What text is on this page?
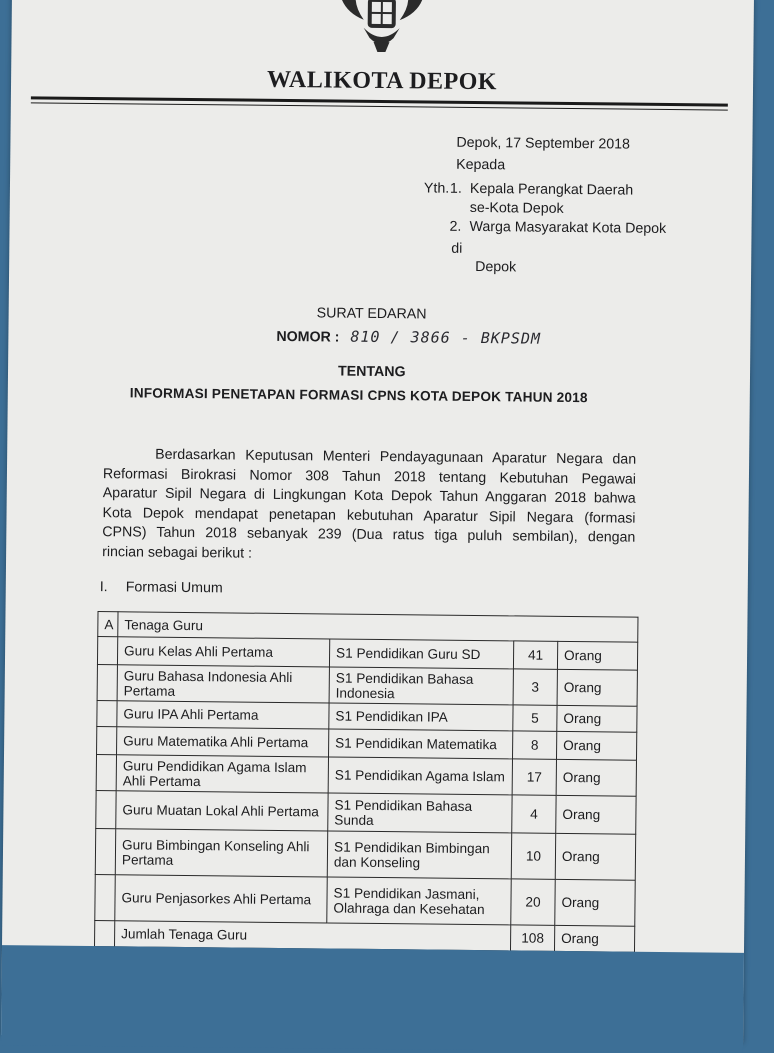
WALIKOTA DEPOK
Depok, 17 September 2018
Kepada
Yth. 1. Kepala Perangkat Daerah
se-Kota Depok
2. Warga Masyarakat Kota Depok
di
Depok
SURAT EDARAN
NOMOR : 810 / 3866 - BKPSDM
TENTANG
INFORMASI PENETAPAN FORMASI CPNS KOTA DEPOK TAHUN 2018
Berdasarkan Keputusan Menteri Pendayagunaan Aparatur Negara dan
Reformasi Birokrasi Nomor 308 Tahun 2018 tentang Kebutuhan Pegawai
Aparatur Sipil Negara di Lingkungan Kota Depok Tahun Anggaran 2018 bahwa
Kota Depok mendapat penetapan kebutuhan Aparatur Sipil Negara (formasi
CPNS) Tahun 2018 sebanyak 239 (Dua ratus tiga puluh sembilan), dengan
rincian sebagai berikut :
I. Formasi Umum
A	Tenaga Guru			
	Guru Kelas Ahli Pertama	S1 Pendidikan Guru SD	41	Orang
	Guru Bahasa Indonesia Ahli Pertama	S1 Pendidikan Bahasa Indonesia	3	Orang
	Guru IPA Ahli Pertama	S1 Pendidikan IPA	5	Orang
	Guru Matematika Ahli Pertama	S1 Pendidikan Matematika	8	Orang
	Guru Pendidikan Agama Islam Ahli Pertama	S1 Pendidikan Agama Islam	17	Orang
	Guru Muatan Lokal Ahli Pertama	S1 Pendidikan Bahasa Sunda	4	Orang
	Guru Bimbingan Konseling Ahli Pertama	S1 Pendidikan Bimbingan dan Konseling	10	Orang
	Guru Penjasorkes Ahli Pertama	S1 Pendidikan Jasmani, Olahraga dan Kesehatan	20	Orang
	Jumlah Tenaga Guru		108	Orang
